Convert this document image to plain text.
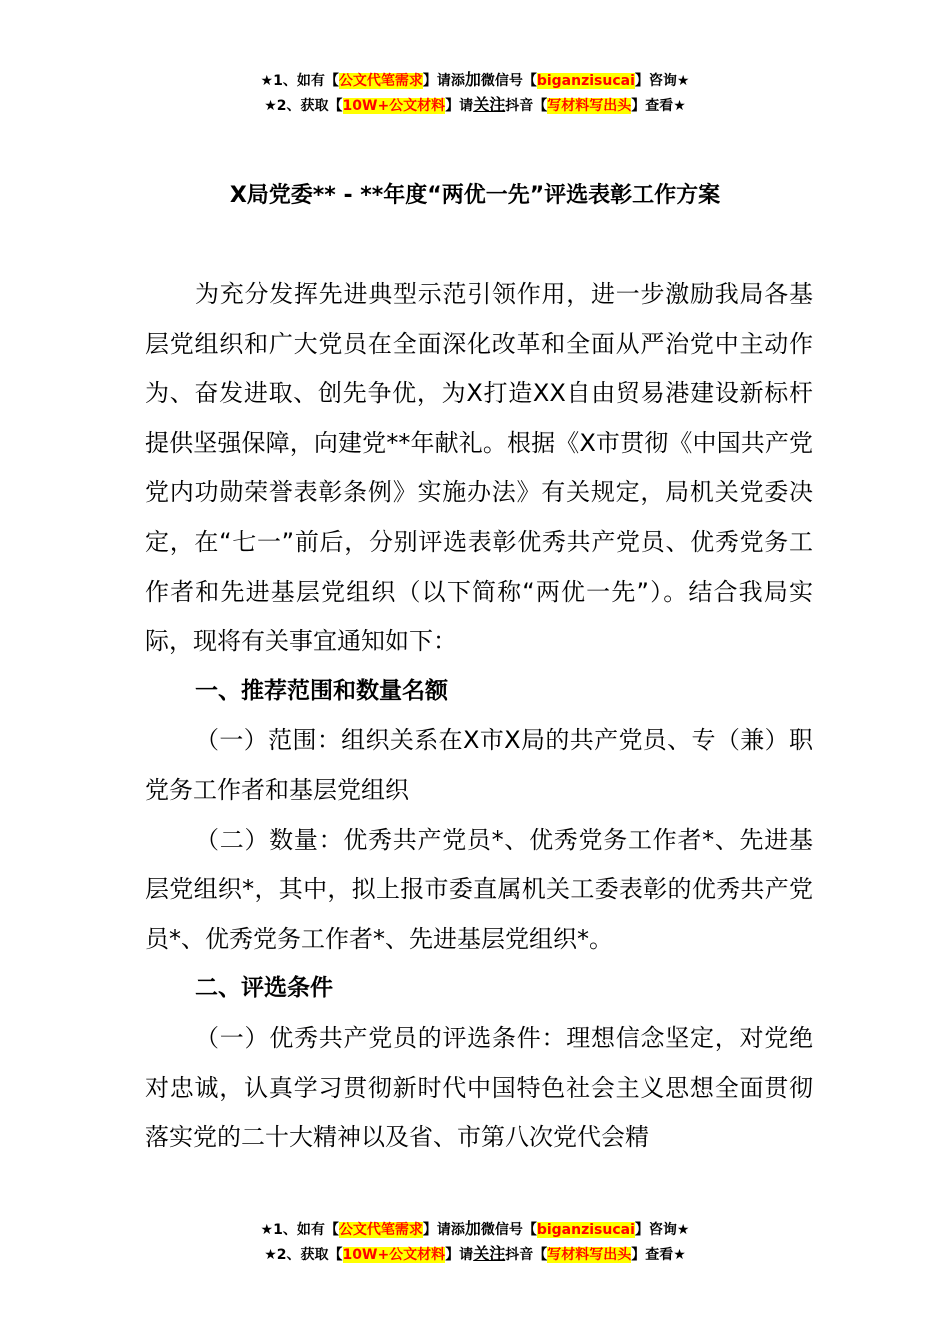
★1、如有【公文代笔需求】请添加微信号【biganzisucai】咨询★
★2、获取【10W+公文材料】请关注抖音【写材料写出头】查看★
X局党委** - **年度“两优一先”评选表彰工作方案

为充分发挥先进典型示范引领作用，进一步激励我局各基层党组织和广大党员在全面深化改革和全面从严治党中主动作为、奋发进取、创先争优，为X打造XX自由贸易港建设新标杆提供坚强保障，向建党**年献礼。根据《X市贯彻《中国共产党党内功勋荣誉表彰条例》实施办法》有关规定，局机关党委决定，在“七一”前后，分别评选表彰优秀共产党员、优秀党务工作者和先进基层党组织（以下简称“两优一先”）。结合我局实际，现将有关事宜通知如下：

一、推荐范围和数量名额

（一）范围：组织关系在X市X局的共产党员、专（兼）职党务工作者和基层党组织

（二）数量：优秀共产党员*、优秀党务工作者*、先进基层党组织*，其中，拟上报市委直属机关工委表彰的优秀共产党员*、优秀党务工作者*、先进基层党组织*。

二、评选条件

（一）优秀共产党员的评选条件：理想信念坚定，对党绝对忠诚，认真学习贯彻新时代中国特色社会主义思想全面贯彻落实党的二十大精神以及省、市第八次党代会精

★1、如有【公文代笔需求】请添加微信号【biganzisucai】咨询★
★2、获取【10W+公文材料】请关注抖音【写材料写出头】查看★
